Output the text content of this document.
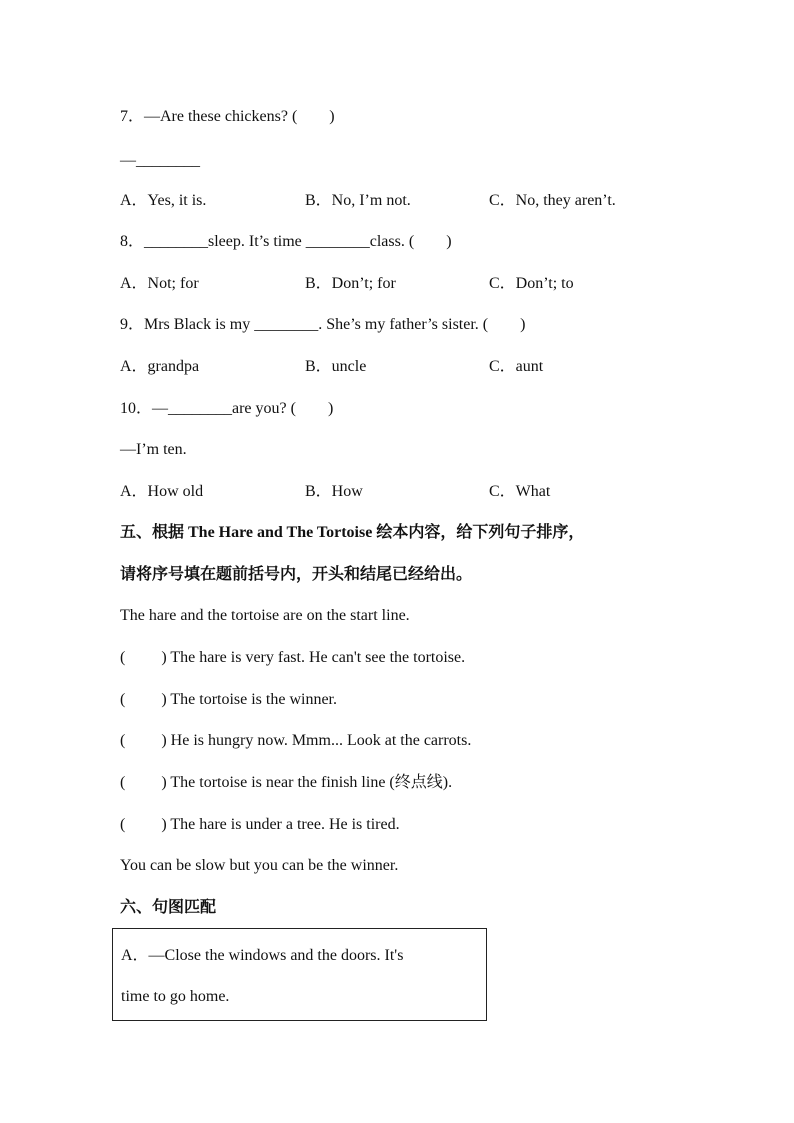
7．—Are these chickens? (　　)
—________
A．Yes, it is.	B．No, I’m not.	C．No, they aren’t.
8．________sleep. It’s time ________class. (　　)
A．Not; for	B．Don’t; for	C．Don’t; to
9．Mrs Black is my ________. She’s my father’s sister. (　　)
A．grandpa	B．uncle	C．aunt
10．—________are you? (　　)
—I’m ten.
A．How old	B．How	C．What
五、根据 The Hare and The Tortoise 绘本内容，给下列句子排序，
请将序号填在题前括号内，开头和结尾已经给出。
The hare and the tortoise are on the start line.
(　　 ) The hare is very fast. He can't see the tortoise.
(　　 ) The tortoise is the winner.
(　　 ) He is hungry now. Mmm... Look at the carrots.
(　　 ) The tortoise is near the finish line (终点线).
(　　 ) The hare is under a tree. He is tired.
You can be slow but you can be the winner.
六、句图匹配
A．—Close the windows and the doors. It's
time to go home.
